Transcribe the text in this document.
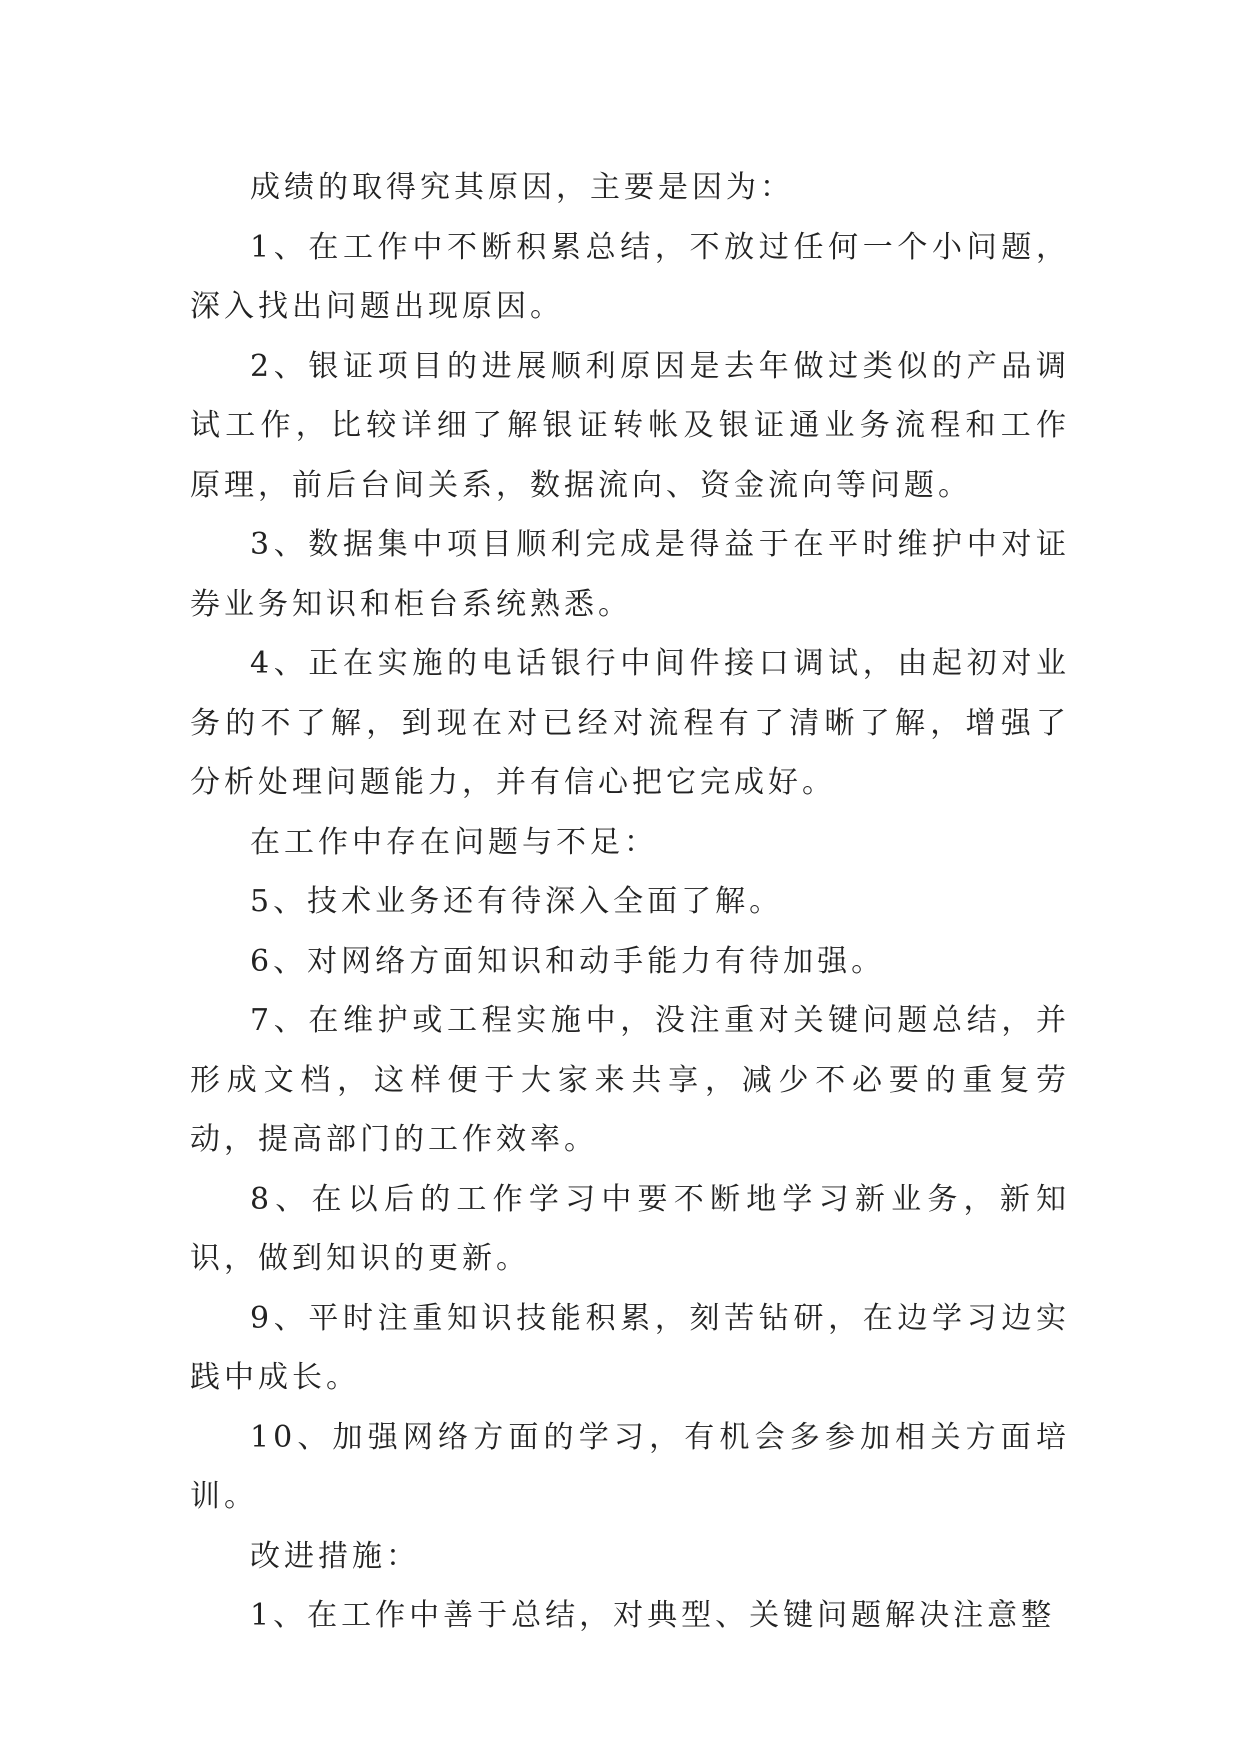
成绩的取得究其原因，主要是因为：

1、在工作中不断积累总结，不放过任何一个小问题，深入找出问题出现原因。

2、银证项目的进展顺利原因是去年做过类似的产品调试工作，比较详细了解银证转帐及银证通业务流程和工作原理，前后台间关系，数据流向、资金流向等问题。

3、数据集中项目顺利完成是得益于在平时维护中对证券业务知识和柜台系统熟悉。

4、正在实施的电话银行中间件接口调试，由起初对业务的不了解，到现在对已经对流程有了清晰了解，增强了分析处理问题能力，并有信心把它完成好。

在工作中存在问题与不足：

5、技术业务还有待深入全面了解。

6、对网络方面知识和动手能力有待加强。

7、在维护或工程实施中，没注重对关键问题总结，并形成文档，这样便于大家来共享，减少不必要的重复劳动，提高部门的工作效率。

8、在以后的工作学习中要不断地学习新业务，新知识，做到知识的更新。

9、平时注重知识技能积累，刻苦钻研，在边学习边实践中成长。

10、加强网络方面的学习，有机会多参加相关方面培训。

改进措施：

1、在工作中善于总结，对典型、关键问题解决注意整
